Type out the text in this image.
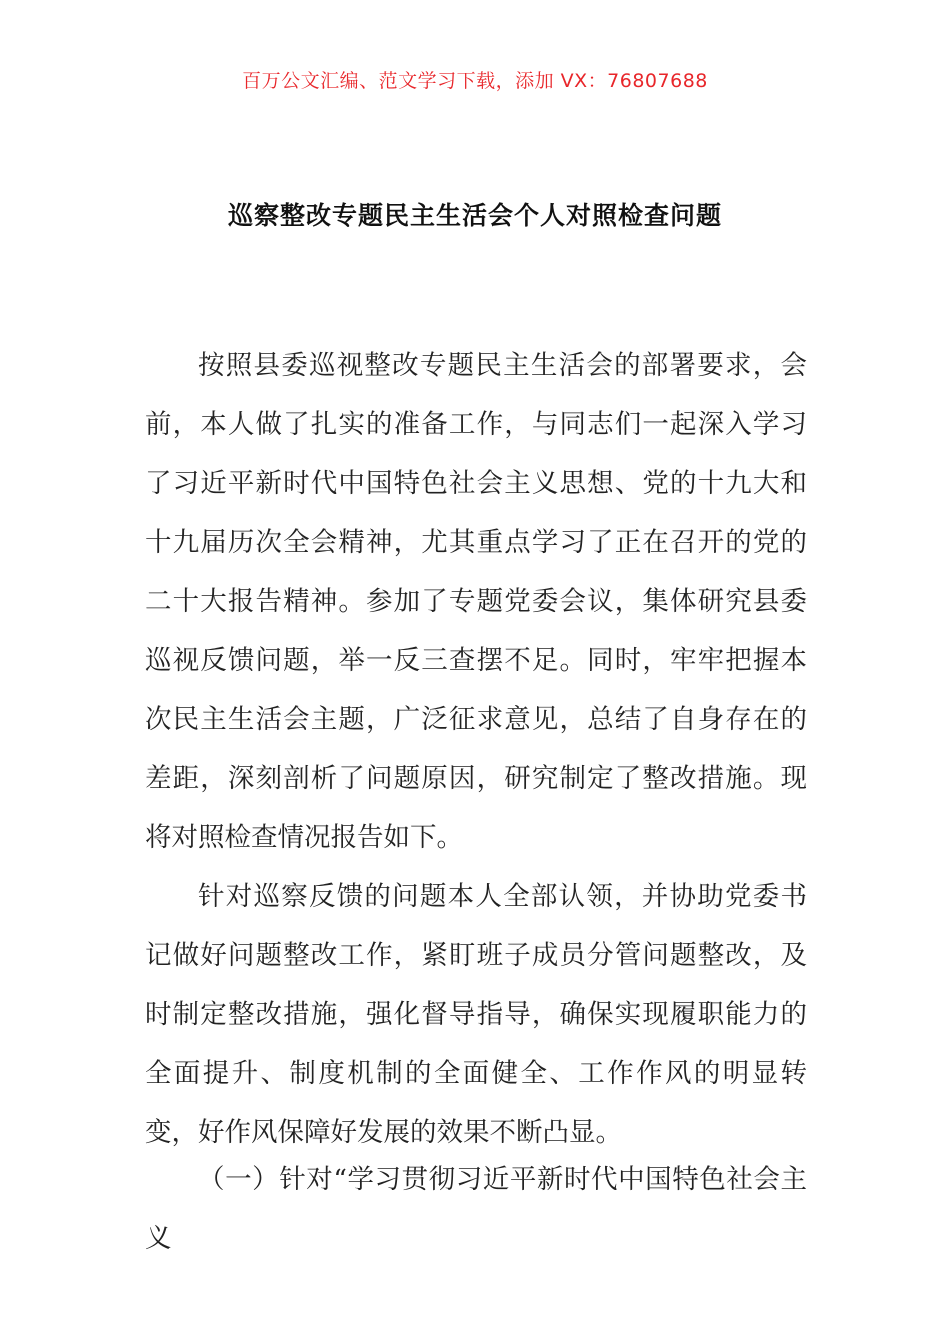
百万公文汇编、范文学习下载，添加 VX：76807688
巡察整改专题民主生活会个人对照检查问题

按照县委巡视整改专题民主生活会的部署要求，会前，本人做了扎实的准备工作，与同志们一起深入学习了习近平新时代中国特色社会主义思想、党的十九大和十九届历次全会精神，尤其重点学习了正在召开的党的二十大报告精神。参加了专题党委会议，集体研究县委巡视反馈问题，举一反三查摆不足。同时，牢牢把握本次民主生活会主题，广泛征求意见，总结了自身存在的差距，深刻剖析了问题原因，研究制定了整改措施。现将对照检查情况报告如下。

针对巡察反馈的问题本人全部认领，并协助党委书记做好问题整改工作，紧盯班子成员分管问题整改，及时制定整改措施，强化督导指导，确保实现履职能力的全面提升、制度机制的全面健全、工作作风的明显转变，好作风保障好发展的效果不断凸显。

（一）针对“学习贯彻习近平新时代中国特色社会主义
